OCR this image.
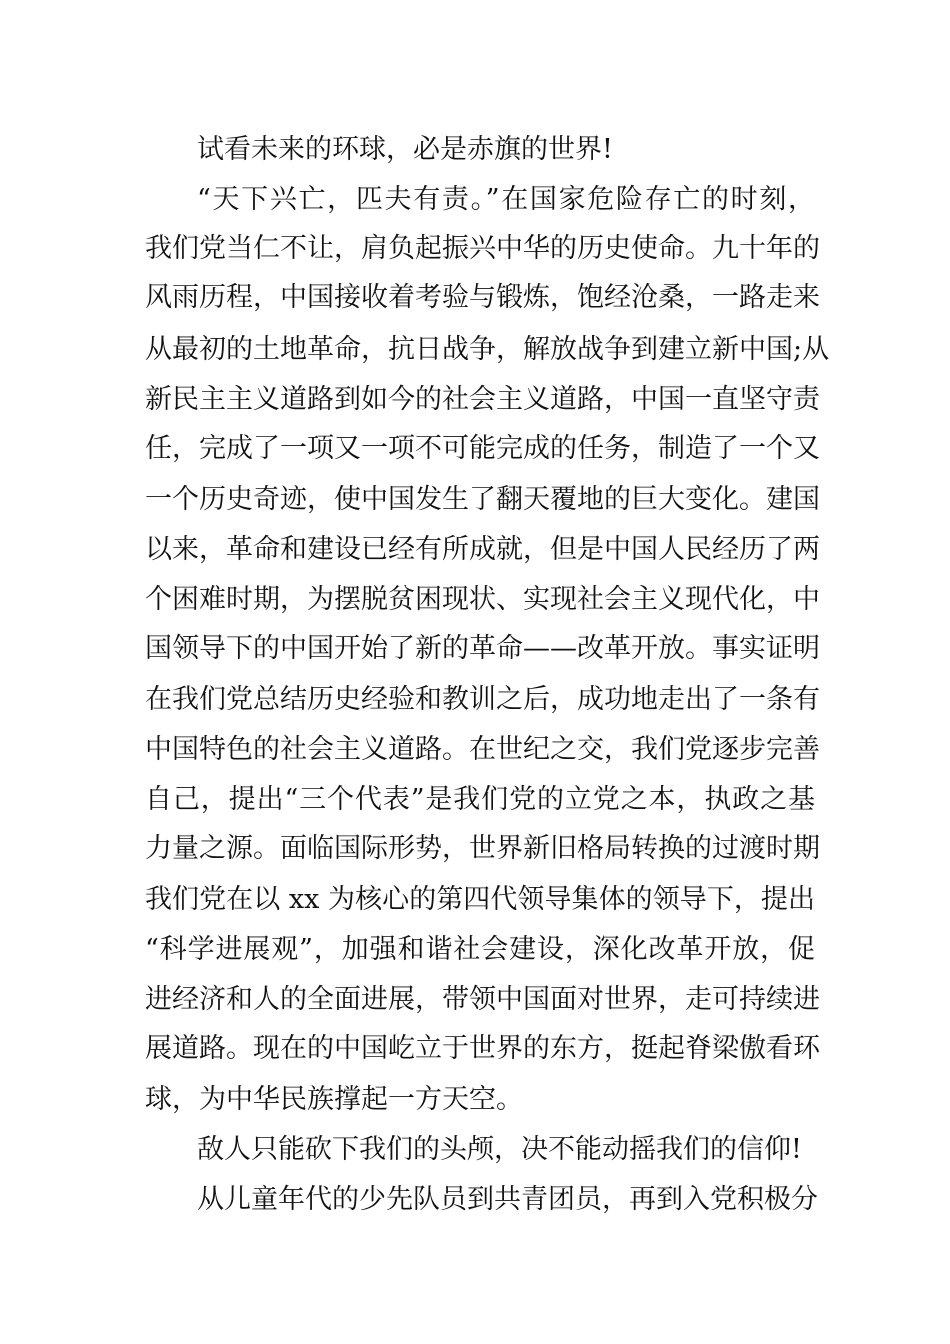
试看未来的环球，必是赤旗的世界!
“天下兴亡，匹夫有责。”在国家危险存亡的时刻，
我们党当仁不让，肩负起振兴中华的历史使命。九十年的
风雨历程，中国接收着考验与锻炼，饱经沧桑，一路走来
从最初的土地革命，抗日战争，解放战争到建立新中国;从
新民主主义道路到如今的社会主义道路，中国一直坚守责
任，完成了一项又一项不可能完成的任务，制造了一个又
一个历史奇迹，使中国发生了翻天覆地的巨大变化。建国
以来，革命和建设已经有所成就，但是中国人民经历了两
个困难时期，为摆脱贫困现状、实现社会主义现代化，中
国领导下的中国开始了新的革命——改革开放。事实证明
在我们党总结历史经验和教训之后，成功地走出了一条有
中国特色的社会主义道路。在世纪之交，我们党逐步完善
自己，提出“三个代表”是我们党的立党之本，执政之基
力量之源。面临国际形势，世界新旧格局转换的过渡时期
我们党在以 xx 为核心的第四代领导集体的领导下，提出
“科学进展观”，加强和谐社会建设，深化改革开放，促
进经济和人的全面进展，带领中国面对世界，走可持续进
展道路。现在的中国屹立于世界的东方，挺起脊梁傲看环
球，为中华民族撑起一方天空。
敌人只能砍下我们的头颅，决不能动摇我们的信仰!
从儿童年代的少先队员到共青团员，再到入党积极分
